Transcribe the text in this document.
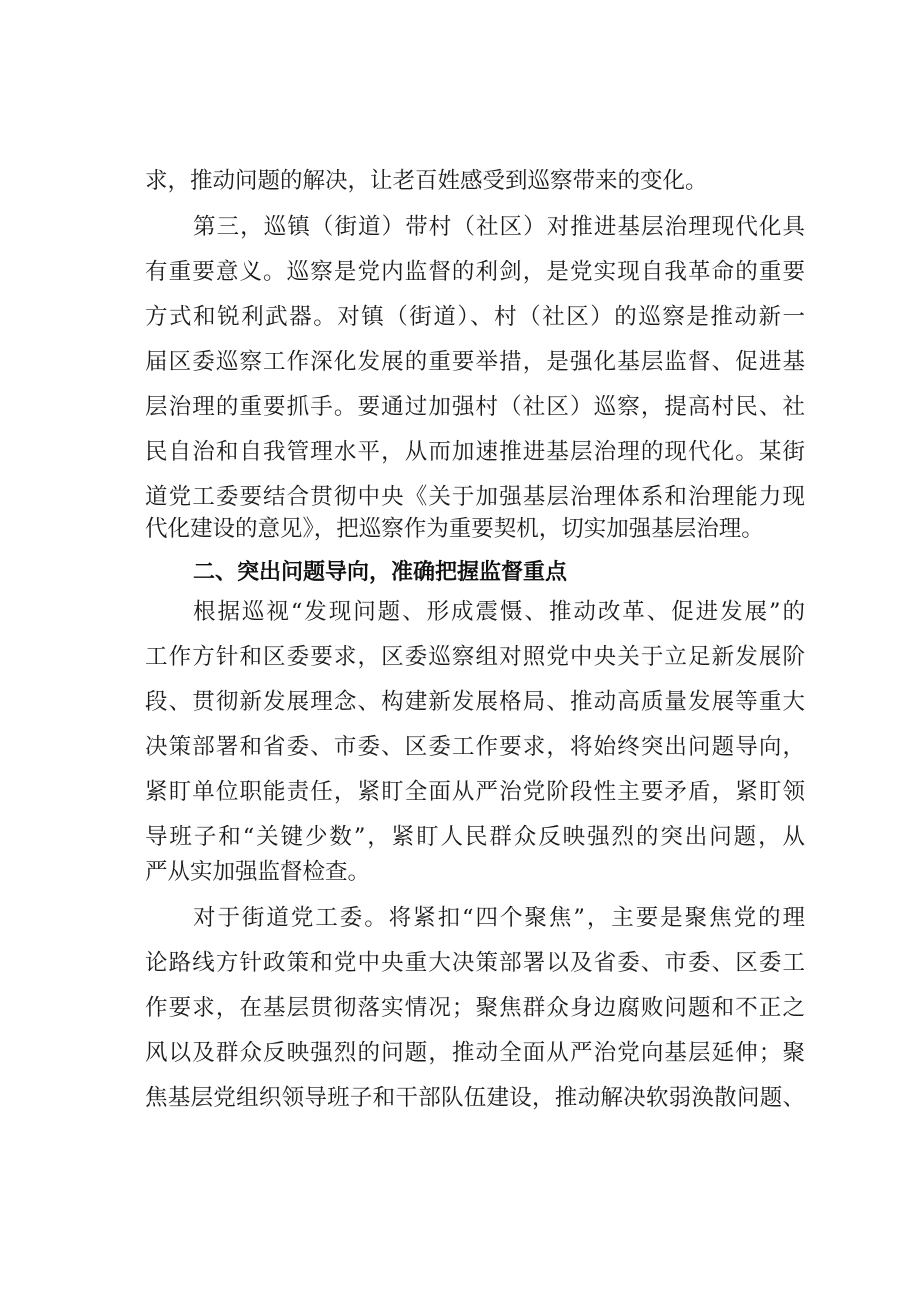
求，推动问题的解决，让老百姓感受到巡察带来的变化。
第三，巡镇（街道）带村（社区）对推进基层治理现代化具
有重要意义。巡察是党内监督的利剑，是党实现自我革命的重要
方式和锐利武器。对镇（街道）、村（社区）的巡察是推动新一
届区委巡察工作深化发展的重要举措，是强化基层监督、促进基
层治理的重要抓手。要通过加强村（社区）巡察，提高村民、社
民自治和自我管理水平，从而加速推进基层治理的现代化。某街
道党工委要结合贯彻中央《关于加强基层治理体系和治理能力现
代化建设的意见》，把巡察作为重要契机，切实加强基层治理。
二、突出问题导向，准确把握监督重点
根据巡视“发现问题、形成震慑、推动改革、促进发展”的
工作方针和区委要求，区委巡察组对照党中央关于立足新发展阶
段、贯彻新发展理念、构建新发展格局、推动高质量发展等重大
决策部署和省委、市委、区委工作要求，将始终突出问题导向，
紧盯单位职能责任，紧盯全面从严治党阶段性主要矛盾，紧盯领
导班子和“关键少数”，紧盯人民群众反映强烈的突出问题，从
严从实加强监督检查。
对于街道党工委。将紧扣“四个聚焦”，主要是聚焦党的理
论路线方针政策和党中央重大决策部署以及省委、市委、区委工
作要求，在基层贯彻落实情况；聚焦群众身边腐败问题和不正之
风以及群众反映强烈的问题，推动全面从严治党向基层延伸；聚
焦基层党组织领导班子和干部队伍建设，推动解决软弱涣散问题、
